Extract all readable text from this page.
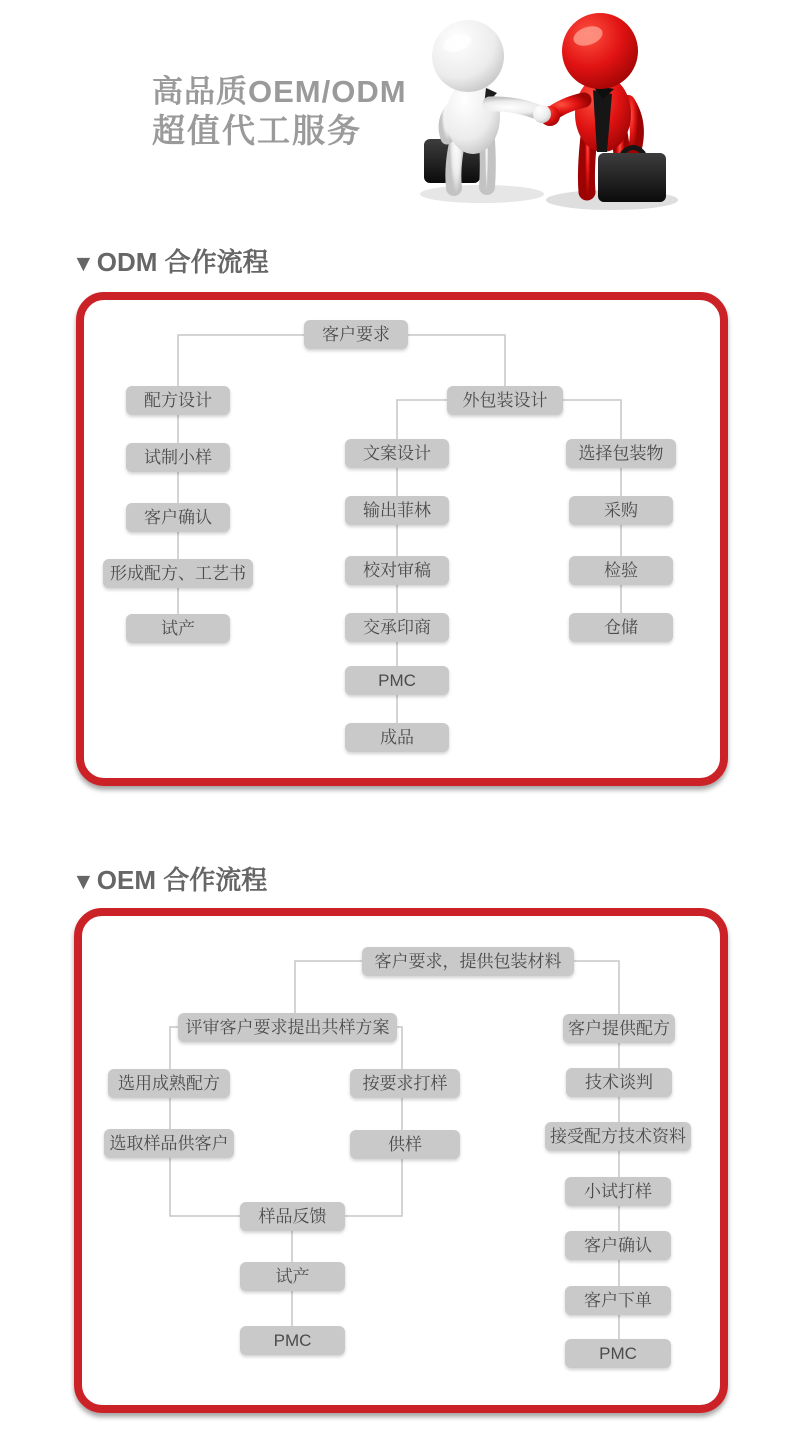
高品质OEM/ODM
超值代工服务
▼ODM 合作流程
▼OEM 合作流程
客户要求
配方设计	外包装设计
试制小样
客户确认
形成配方、工艺书
试产
文案设计
输出菲林
校对审稿
交承印商
PMC
成品
选择包装物
采购
检验
仓储
客户要求，提供包装材料
评审客户要求提出共样方案	客户提供配方
选用成熟配方	按要求打样	技术谈判
选取样品供客户	供样	接受配方技术资料
样品反馈
试产
PMC
小试打样
客户确认
客户下单
PMC
